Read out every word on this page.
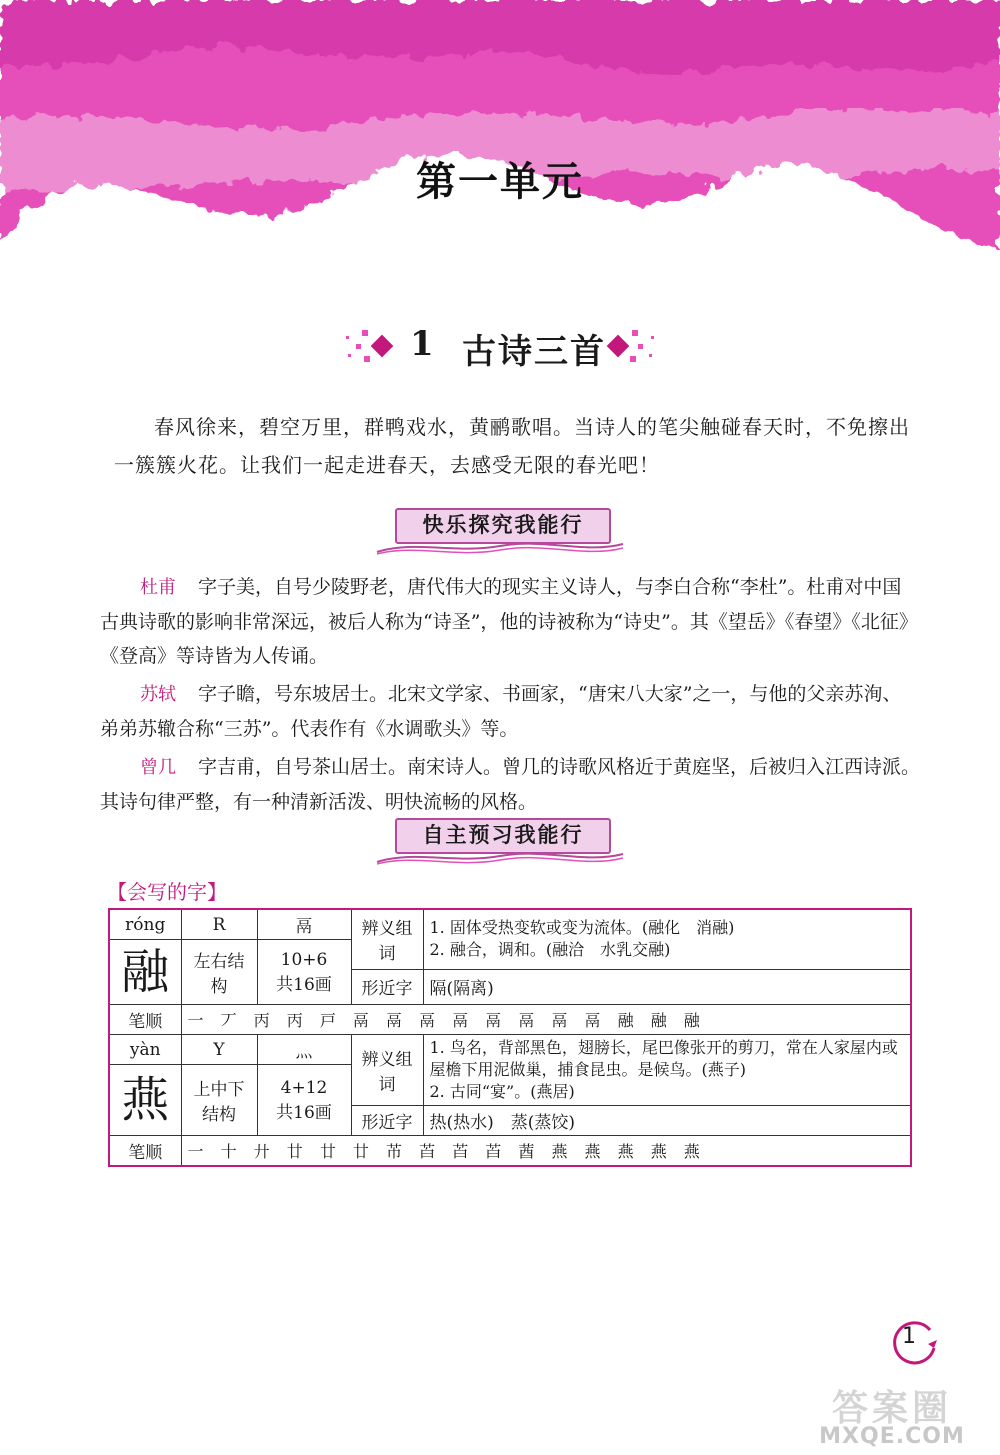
第一单元
1 古诗三首
春风徐来，碧空万里，群鸭戏水，黄鹂歌唱。当诗人的笔尖触碰春天时，不免擦出一簇簇火花。让我们一起走进春天，去感受无限的春光吧！
快乐探究我能行

杜甫 字子美，自号少陵野老，唐代伟大的现实主义诗人，与李白合称“李杜”。杜甫对中国古典诗歌的影响非常深远，被后人称为“诗圣”，他的诗被称为“诗史”。其《望岳》《春望》《北征》《登高》等诗皆为人传诵。

苏轼 字子瞻，号东坡居士。北宋文学家、书画家，“唐宋八大家”之一，与他的父亲苏洵、弟弟苏辙合称“三苏”。代表作有《水调歌头》等。

曾几 字吉甫，自号茶山居士。南宋诗人。曾几的诗歌风格近于黄庭坚，后被归入江西诗派。其诗句律严整，有一种清新活泼、明快流畅的风格。

自主预习我能行
【会写的字】
róng	R	鬲	辨义组词	1. 固体受热变软或变为流体。(融化　消融)
2. 融合，调和。(融洽　水乳交融)

融	左右结构	10+6
共16画		

			形近字	隔(隔离)
笔顺	一 丆 丙 丙 戸 鬲 鬲 鬲 鬲 鬲 鬲 鬲 鬲 融 融 融			
yàn	Y	灬	辨义组词	1. 鸟名，背部黑色，翅膀长，尾巴像张开的剪刀，常在人家屋内或屋檐下用泥做巢，捕食昆虫。是候鸟。(燕子)
2. 古同“宴”。(燕居)

燕	上中下结构	4+12
共16画		

			形近字	热(热水)　蒸(蒸饺)
笔顺	一 十 廾 廿 廿 廿 芇 苩 苩 苩 莤 燕 燕 燕 燕 燕			
1
答案圈
MXQE.COM
